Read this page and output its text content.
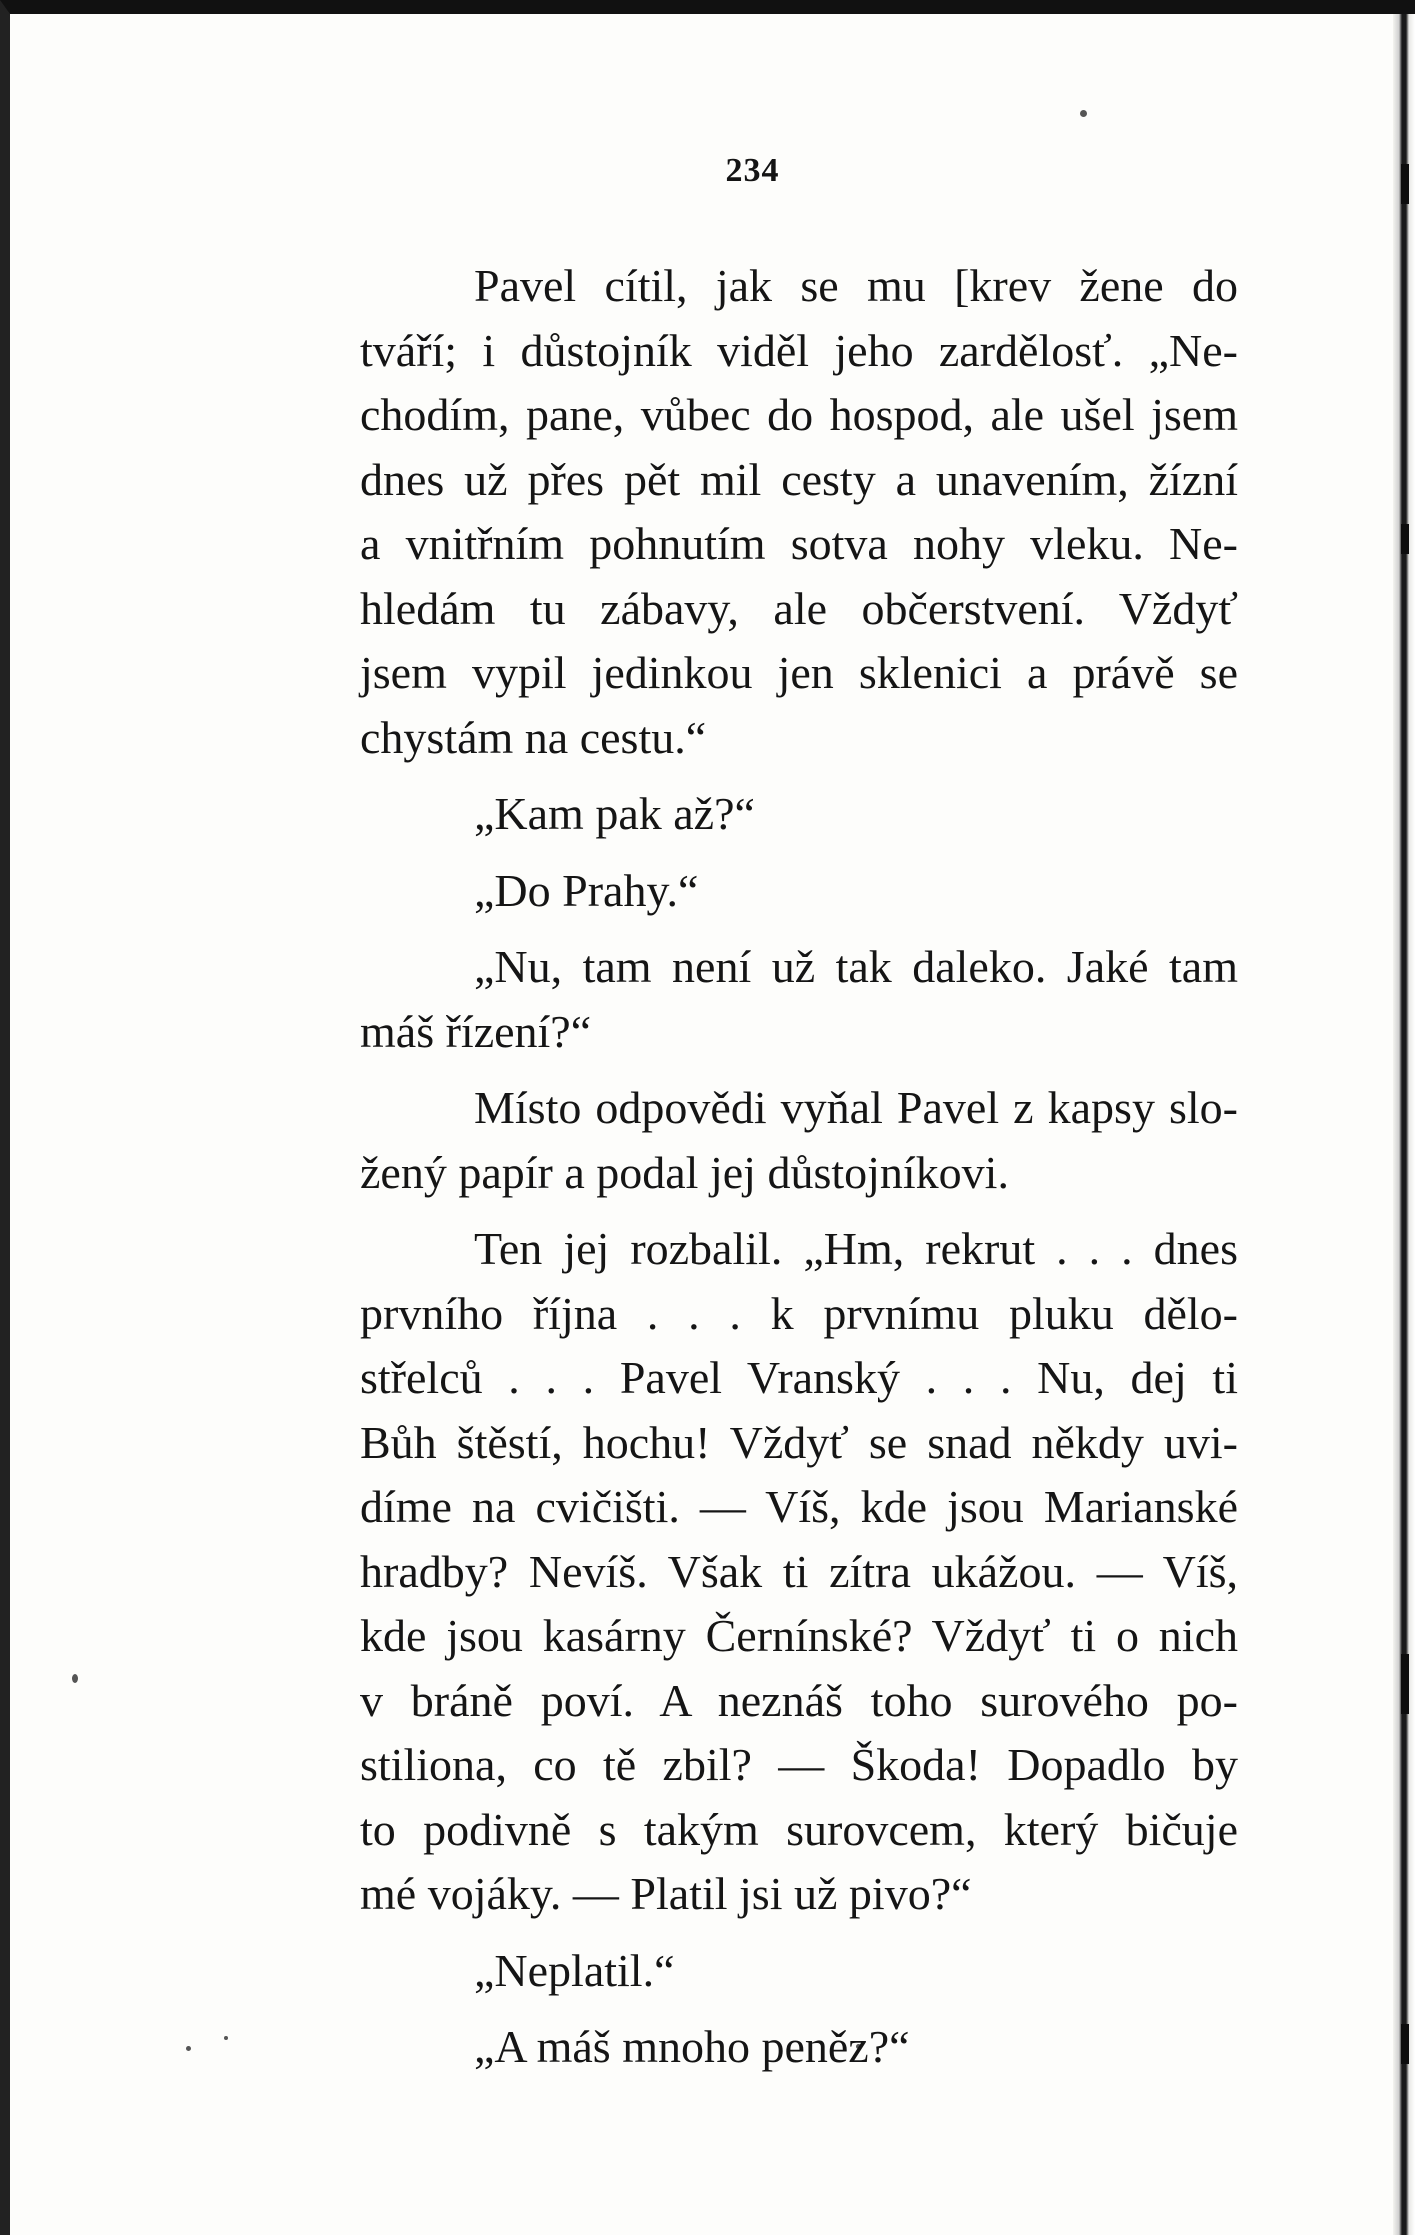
234
Pavel cítil, jak se mu [krev žene do
tváří; i důstojník viděl jeho zardělosť. „Ne-
chodím, pane, vůbec do hospod, ale ušel jsem
dnes už přes pět mil cesty a unavením, žízní
a vnitřním pohnutím sotva nohy vleku. Ne-
hledám tu zábavy, ale občerstvení. Vždyť
jsem vypil jedinkou jen sklenici a právě se
chystám na cestu.“
„Kam pak až?“
„Do Prahy.“
„Nu, tam není už tak daleko. Jaké tam
máš řízení?“
Místo odpovědi vyňal Pavel z kapsy slo-
žený papír a podal jej důstojníkovi.
Ten jej rozbalil. „Hm, rekrut . . . dnes
prvního října . . . k prvnímu pluku dělo-
střelců . . . Pavel Vranský . . . Nu, dej ti
Bůh štěstí, hochu! Vždyť se snad někdy uvi-
díme na cvičišti. — Víš, kde jsou Marianské
hradby? Nevíš. Však ti zítra ukážou. — Víš,
kde jsou kasárny Černínské? Vždyť ti o nich
v bráně poví. A neznáš toho surového po-
stiliona, co tě zbil? — Škoda! Dopadlo by
to podivně s takým surovcem, který bičuje
mé vojáky. — Platil jsi už pivo?“
„Neplatil.“
„A máš mnoho peněz?“
